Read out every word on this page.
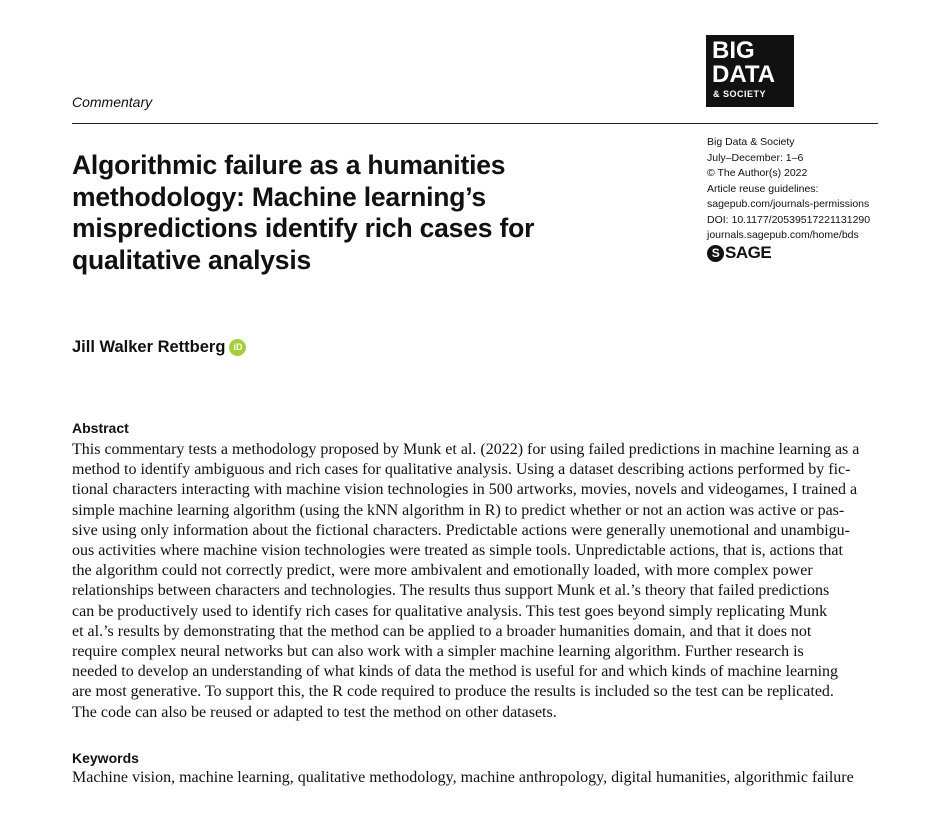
BIG
DATA
& SOCIETY
Commentary
Big Data & Society
July–December: 1–6
© The Author(s) 2022
Article reuse guidelines:
sagepub.com/journals-permissions
DOI: 10.1177/20539517221131290
journals.sagepub.com/home/bds
S SAGE
Algorithmic failure as a humanities
methodology: Machine learning’s
mispredictions identify rich cases for
qualitative analysis
Jill Walker Rettberg iD
Abstract
This commentary tests a methodology proposed by Munk et al. (2022) for using failed predictions in machine learning as a
method to identify ambiguous and rich cases for qualitative analysis. Using a dataset describing actions performed by fic-
tional characters interacting with machine vision technologies in 500 artworks, movies, novels and videogames, I trained a
simple machine learning algorithm (using the kNN algorithm in R) to predict whether or not an action was active or pas-
sive using only information about the fictional characters. Predictable actions were generally unemotional and unambigu-
ous activities where machine vision technologies were treated as simple tools. Unpredictable actions, that is, actions that
the algorithm could not correctly predict, were more ambivalent and emotionally loaded, with more complex power
relationships between characters and technologies. The results thus support Munk et al.’s theory that failed predictions
can be productively used to identify rich cases for qualitative analysis. This test goes beyond simply replicating Munk
et al.’s results by demonstrating that the method can be applied to a broader humanities domain, and that it does not
require complex neural networks but can also work with a simpler machine learning algorithm. Further research is
needed to develop an understanding of what kinds of data the method is useful for and which kinds of machine learning
are most generative. To support this, the R code required to produce the results is included so the test can be replicated.
The code can also be reused or adapted to test the method on other datasets.
Keywords
Machine vision, machine learning, qualitative methodology, machine anthropology, digital humanities, algorithmic failure
